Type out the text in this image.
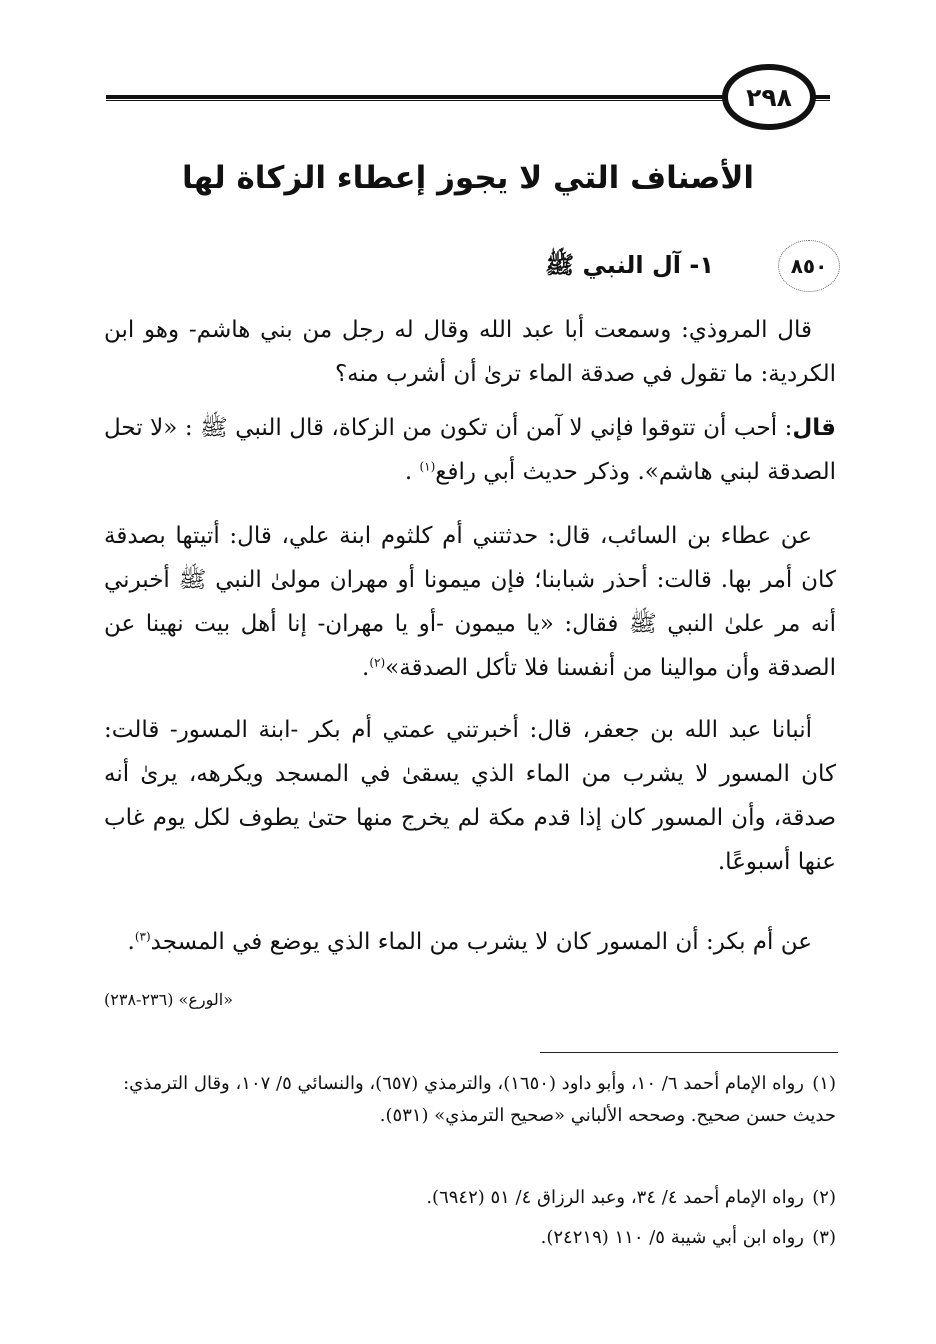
٢٩٨
الأصناف التي لا يجوز إعطاء الزكاة لها
٨٥٠
١- آل النبي ﷺ

قال المروذي: وسمعت أبا عبد الله وقال له رجل من بني هاشم- وهو ابن الكردية: ما تقول في صدقة الماء ترىٰ أن أشرب منه؟

قال: أحب أن تتوقوا فإني لا آمن أن تكون من الزكاة، قال النبي ﷺ : «لا تحل الصدقة لبني هاشم». وذكر حديث أبي رافع$^{(١)}$ .

عن عطاء بن السائب، قال: حدثتني أم كلثوم ابنة علي، قال: أتيتها بصدقة كان أمر بها. قالت: أحذر شبابنا؛ فإن ميمونا أو مهران مولىٰ النبي ﷺ أخبرني أنه مر علىٰ النبي ﷺ فقال: «يا ميمون -أو يا مهران- إنا أهل بيت نهينا عن الصدقة وأن موالينا من أنفسنا فلا تأكل الصدقة»$^{(٢)}$.

أنبانا عبد الله بن جعفر، قال: أخبرتني عمتي أم بكر -ابنة المسور- قالت: كان المسور لا يشرب من الماء الذي يسقىٰ في المسجد ويكرهه، يرىٰ أنه صدقة، وأن المسور كان إذا قدم مكة لم يخرج منها حتىٰ يطوف لكل يوم غاب عنها أسبوعًا.

عن أم بكر: أن المسور كان لا يشرب من الماء الذي يوضع في المسجد$^{(٣)}$.

«الورع» (٢٣٦-٢٣٨)

(١)رواه الإمام أحمد ٦/ ١٠، وأبو داود (١٦٥٠)، والترمذي (٦٥٧)، والنسائي ٥/ ١٠٧، وقال الترمذي: حديث حسن صحيح. وصححه الألباني «صحيح الترمذي» (٥٣١).

(٢)رواه الإمام أحمد ٤/ ٣٤، وعبد الرزاق ٤/ ٥١ (٦٩٤٢).

(٣)رواه ابن أبي شيبة ٥/ ١١٠ (٢٤٢١٩).
